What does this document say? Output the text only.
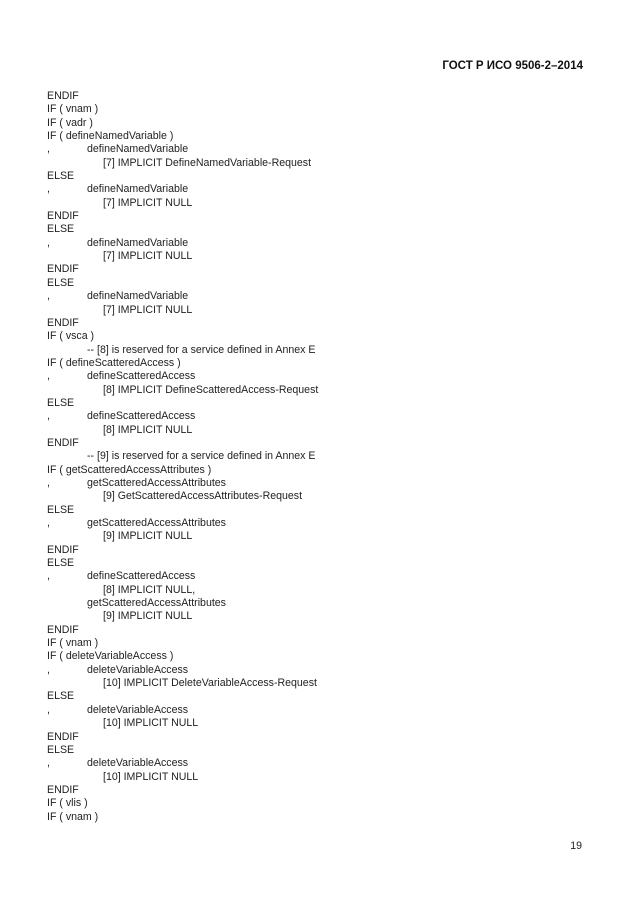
ГОСТ Р ИСО 9506-2–2014
ENDIF
IF ( vnam )
IF ( vadr )
IF ( defineNamedVariable )
,	defineNamedVariable
[7] IMPLICIT DefineNamedVariable-Request
ELSE
,	defineNamedVariable
[7] IMPLICIT NULL
ENDIF
ELSE
,	defineNamedVariable
[7] IMPLICIT NULL
ENDIF
ELSE
,	defineNamedVariable
[7] IMPLICIT NULL
ENDIF
IF ( vsca )
-- [8] is reserved for a service defined in Annex E
IF ( defineScatteredAccess )
,	defineScatteredAccess
[8] IMPLICIT DefineScatteredAccess-Request
ELSE
,	defineScatteredAccess
[8] IMPLICIT NULL
ENDIF
-- [9] is reserved for a service defined in Annex E
IF ( getScatteredAccessAttributes )
,	getScatteredAccessAttributes
[9] GetScatteredAccessAttributes-Request
ELSE
,	getScatteredAccessAttributes
[9] IMPLICIT NULL
ENDIF
ELSE
,	defineScatteredAccess
[8] IMPLICIT NULL,
getScatteredAccessAttributes
[9] IMPLICIT NULL
ENDIF
IF ( vnam )
IF ( deleteVariableAccess )
,	deleteVariableAccess
[10] IMPLICIT DeleteVariableAccess-Request
ELSE
,	deleteVariableAccess
[10] IMPLICIT NULL
ENDIF
ELSE
,	deleteVariableAccess
[10] IMPLICIT NULL
ENDIF
IF ( vlis )
IF ( vnam )
19
